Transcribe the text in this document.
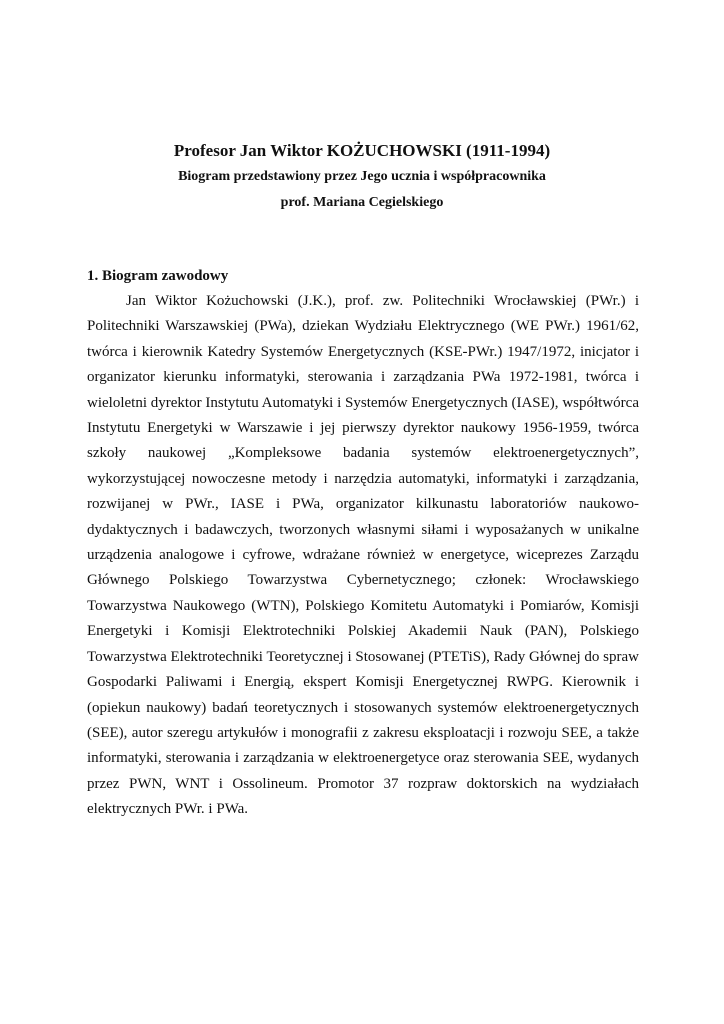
Profesor Jan Wiktor KOŻUCHOWSKI (1911-1994)

Biogram przedstawiony przez Jego ucznia i współpracownika

prof. Mariana Cegielskiego

1. Biogram zawodowy

Jan Wiktor Kożuchowski (J.K.), prof. zw. Politechniki Wrocławskiej (PWr.) i Politechniki Warszawskiej (PWa), dziekan Wydziału Elektrycznego (WE PWr.) 1961/62, twórca i kierownik Katedry Systemów Energetycznych (KSE-PWr.) 1947/1972, inicjator i organizator kierunku informatyki, sterowania i zarządzania PWa 1972-1981, twórca i wieloletni dyrektor Instytutu Automatyki i Systemów Energetycznych (IASE), współtwórca Instytutu Energetyki w Warszawie i jej pierwszy dyrektor naukowy 1956-1959, twórca szkoły naukowej „Kompleksowe badania systemów elektroenergetycznych”, wykorzystującej nowoczesne metody i narzędzia automatyki, informatyki i zarządzania, rozwijanej w PWr., IASE i PWa, organizator kilkunastu laboratoriów naukowo-dydaktycznych i badawczych, tworzonych własnymi siłami i wyposażanych w unikalne urządzenia analogowe i cyfrowe, wdrażane również w energetyce, wiceprezes Zarządu Głównego Polskiego Towarzystwa Cybernetycznego; członek: Wrocławskiego Towarzystwa Naukowego (WTN), Polskiego Komitetu Automatyki i Pomiarów, Komisji Energetyki i Komisji Elektrotechniki Polskiej Akademii Nauk (PAN), Polskiego Towarzystwa Elektrotechniki Teoretycznej i Stosowanej (PTETiS), Rady Głównej do spraw Gospodarki Paliwami i Energią, ekspert Komisji Energetycznej RWPG. Kierownik i (opiekun naukowy) badań teoretycznych i stosowanych systemów elektroenergetycznych (SEE), autor szeregu artykułów i monografii z zakresu eksploatacji i rozwoju SEE, a także informatyki, sterowania i zarządzania w elektroenergetyce oraz sterowania SEE, wydanych przez PWN, WNT i Ossolineum. Promotor 37 rozpraw doktorskich na wydziałach elektrycznych PWr. i PWa.
